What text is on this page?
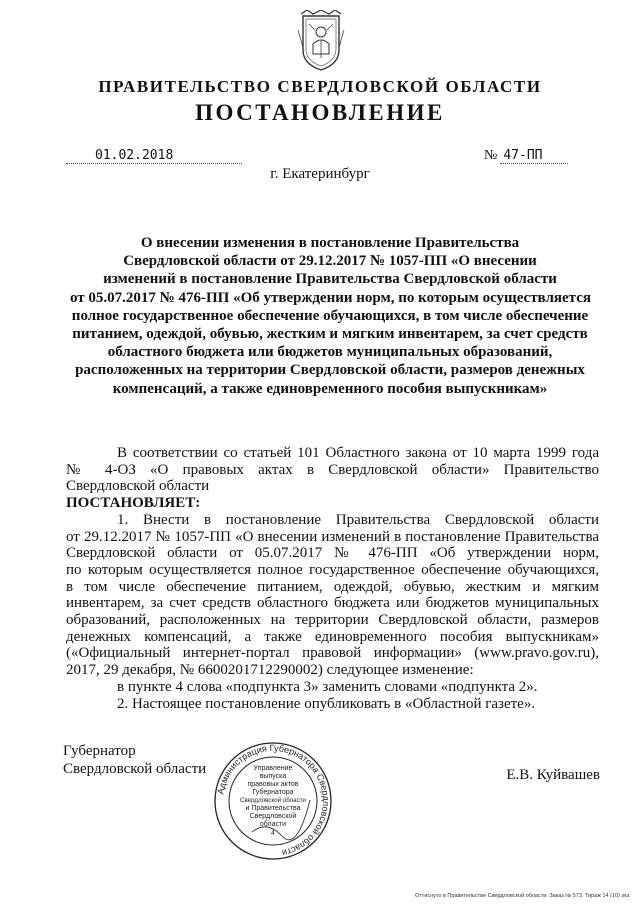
ПРАВИТЕЛЬСТВО СВЕРДЛОВСКОЙ ОБЛАСТИ
ПОСТАНОВЛЕНИЕ
01.02.2018	№ 47-ПП
г. Екатеринбург
О внесении изменения в постановление Правительства
Свердловской области от 29.12.2017 № 1057-ПП «О внесении
изменений в постановление Правительства Свердловской области
от 05.07.2017 № 476-ПП «Об утверждении норм, по которым осуществляется
полное государственное обеспечение обучающихся, в том числе обеспечение
питанием, одеждой, обувью, жестким и мягким инвентарем, за счет средств
областного бюджета или бюджетов муниципальных образований,
расположенных на территории Свердловской области, размеров денежных
компенсаций, а также единовременного пособия выпускникам»
В соответствии со статьей 101 Областного закона от 10 марта 1999 года
№ 4-ОЗ «О правовых актах в Свердловской области» Правительство
Свердловской области
ПОСТАНОВЛЯЕТ:
1. Внести в постановление Правительства Свердловской области
от 29.12.2017 № 1057-ПП «О внесении изменений в постановление Правительства
Свердловской области от 05.07.2017 № 476-ПП «Об утверждении норм,
по которым осуществляется полное государственное обеспечение обучающихся,
в том числе обеспечение питанием, одеждой, обувью, жестким и мягким
инвентарем, за счет средств областного бюджета или бюджетов муниципальных
образований, расположенных на территории Свердловской области, размеров
денежных компенсаций, а также единовременного пособия выпускникам»
(«Официальный интернет-портал правовой информации» (www.pravo.gov.ru),
2017, 29 декабря, № 6600201712290002) следующее изменение:
в пункте 4 слова «подпункта 3» заменить словами «подпункта 2».
2. Настоящее постановление опубликовать в «Областной газете».
Губернатор
Свердловской области	Е.В. Куйвашев
Администрация Губернатора Свердловской области
Управление
выпуска
правовых актов
Губернатора
Свердловской области
и Правительства
Свердловской
области
4
Оттиснуто в Правительстве Свердловской области. Заказ № 573. Тираж 14 (10) экз.
